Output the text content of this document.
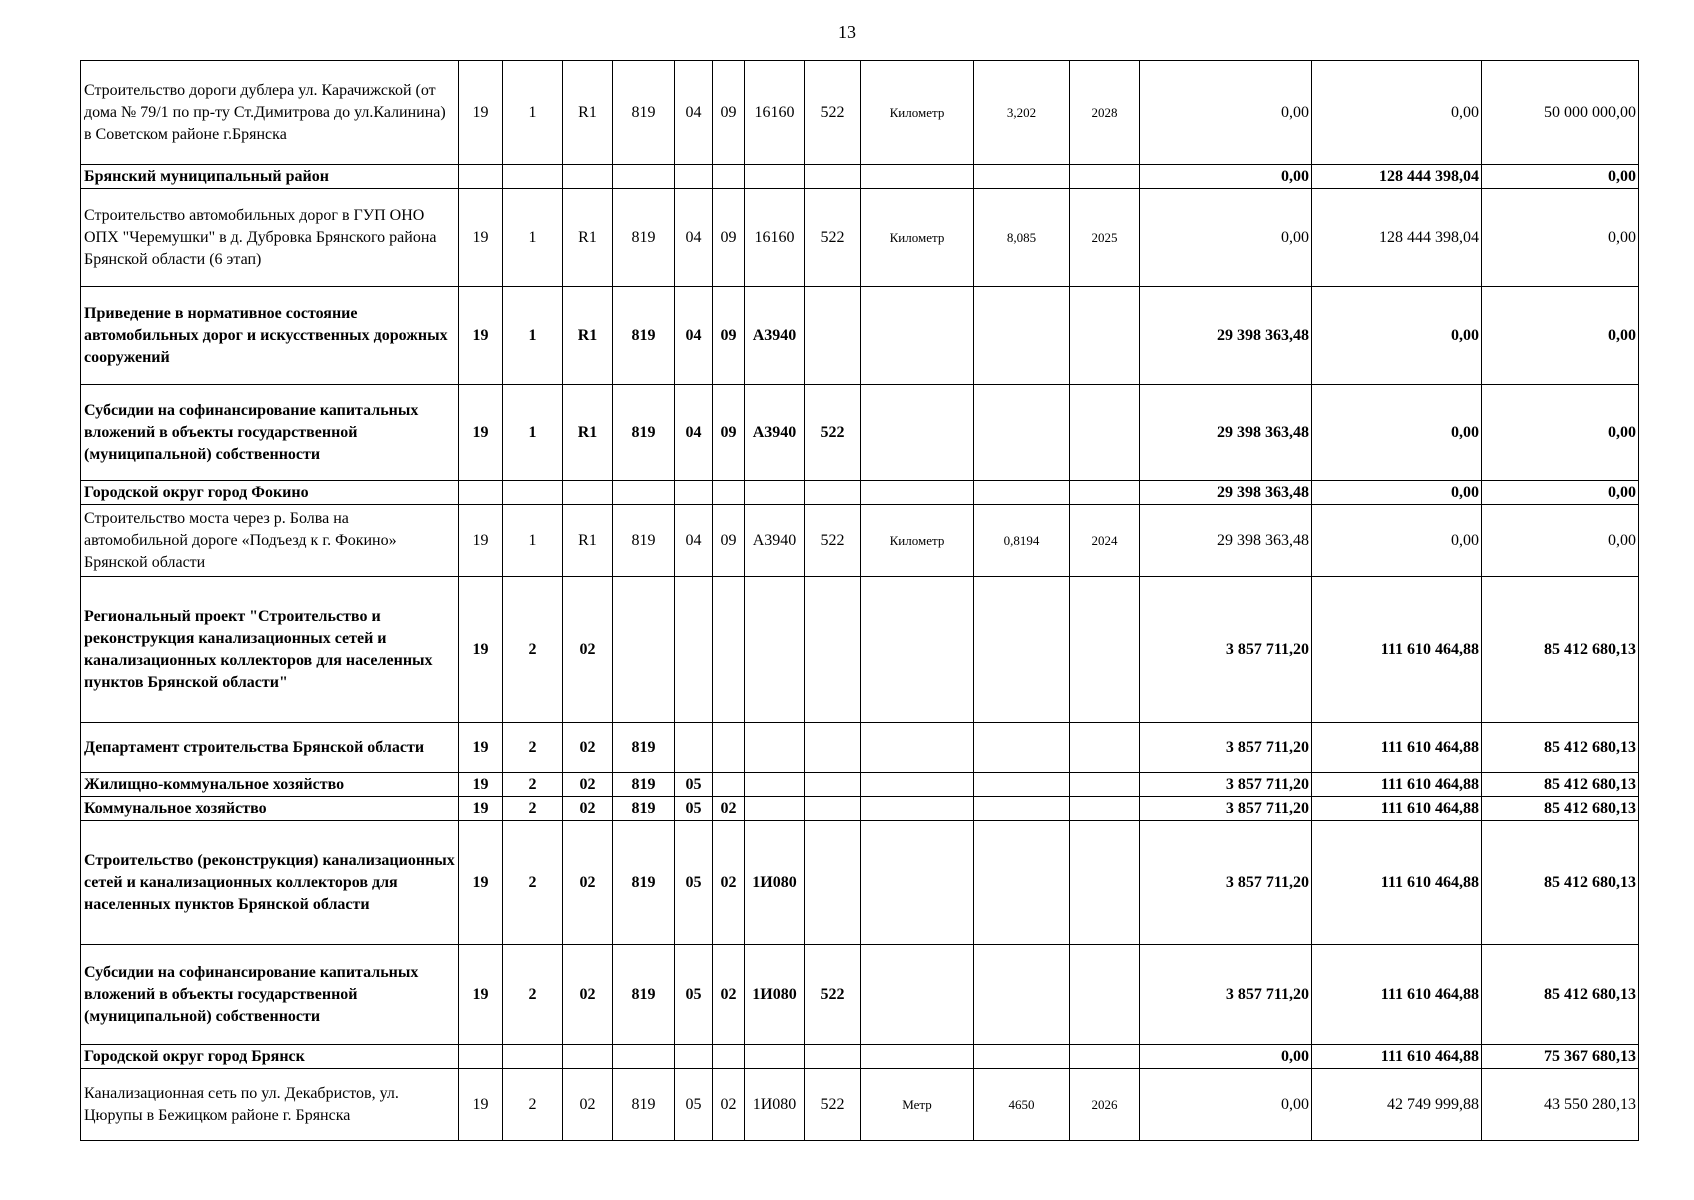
13
Строительство дороги дублера ул. Карачижской (от дома № 79/1 по пр-ту Ст.Димитрова до ул.Калинина) в Советском районе г.Брянска	19	1	R1	819	04	09	16160	522	Километр	3,202	2028	0,00	0,00	50 000 000,00
Брянский муниципальный район												0,00	128 444 398,04	0,00
Строительство автомобильных дорог в ГУП ОНО ОПХ "Черемушки" в д. Дубровка Брянского района Брянской области (6 этап)	19	1	R1	819	04	09	16160	522	Километр	8,085	2025	0,00	128 444 398,04	0,00
Приведение в нормативное состояние автомобильных дорог и искусственных дорожных сооружений	19	1	R1	819	04	09	А3940					29 398 363,48	0,00	0,00
Субсидии на софинансирование капитальных вложений в объекты государственной (муниципальной) собственности	19	1	R1	819	04	09	А3940	522				29 398 363,48	0,00	0,00
Городской округ город Фокино												29 398 363,48	0,00	0,00
Строительство моста через р. Болва на автомобильной дороге «Подъезд к г. Фокино» Брянской области	19	1	R1	819	04	09	А3940	522	Километр	0,8194	2024	29 398 363,48	0,00	0,00
Региональный проект "Строительство и реконструкция канализационных сетей и канализационных коллекторов для населенных пунктов Брянской области"	19	2	02									3 857 711,20	111 610 464,88	85 412 680,13
Департамент строительства Брянской области	19	2	02	819								3 857 711,20	111 610 464,88	85 412 680,13
Жилищно-коммунальное хозяйство	19	2	02	819	05							3 857 711,20	111 610 464,88	85 412 680,13
Коммунальное хозяйство	19	2	02	819	05	02						3 857 711,20	111 610 464,88	85 412 680,13
Строительство (реконструкция) канализационных сетей и канализационных коллекторов для населенных пунктов Брянской области	19	2	02	819	05	02	1И080					3 857 711,20	111 610 464,88	85 412 680,13
Субсидии на софинансирование капитальных вложений в объекты государственной (муниципальной) собственности	19	2	02	819	05	02	1И080	522				3 857 711,20	111 610 464,88	85 412 680,13
Городской округ город Брянск												0,00	111 610 464,88	75 367 680,13
Канализационная сеть по ул. Декабристов, ул. Цюрупы в Бежицком районе г. Брянска	19	2	02	819	05	02	1И080	522	Метр	4650	2026	0,00	42 749 999,88	43 550 280,13
